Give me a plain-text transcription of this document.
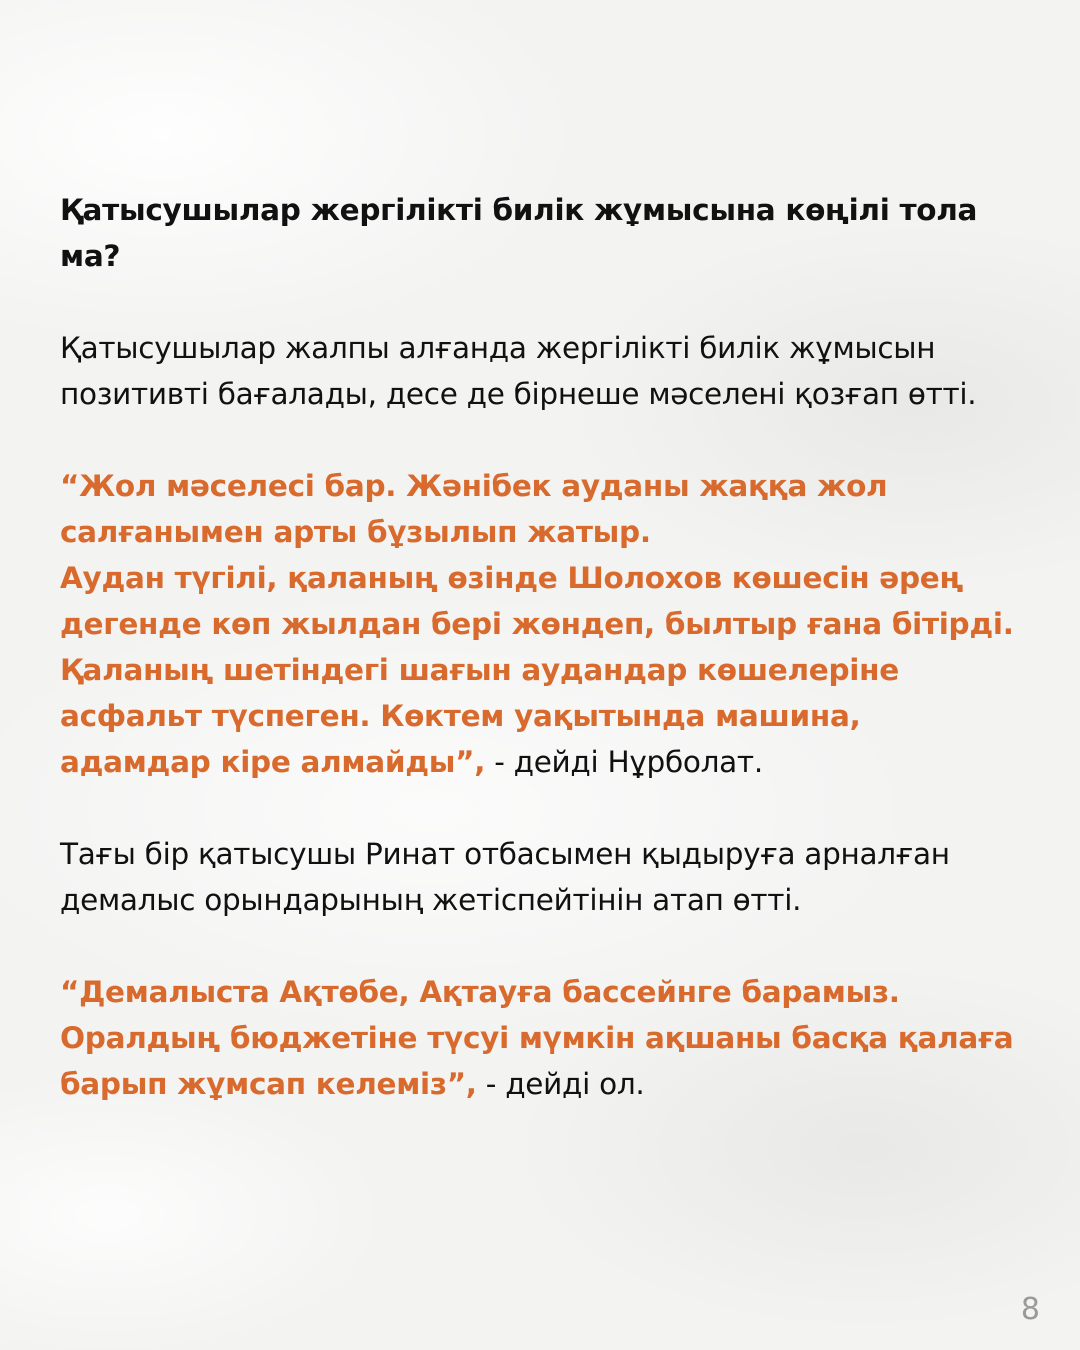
Қатысушылар жергілікті билік жұмысына көңілі тола ма?

Қатысушылар жалпы алғанда жергілікті билік жұмысын позитивті бағалады, десе де бірнеше мәселені қозғап өтті.

“Жол мәселесі бар. Жәнібек ауданы жаққа жол салғанымен арты бұзылып жатыр.
Аудан түгілі, қаланың өзінде Шолохов көшесін әрең дегенде көп жылдан бері жөндеп, былтыр ғана бітірді. Қаланың шетіндегі шағын аудандар көшелеріне асфальт түспеген. Көктем уақытында машина, адамдар кіре алмайды”, - дейді Нұрболат.

Тағы бір қатысушы Ринат отбасымен қыдыруға арналған демалыс орындарының жетіспейтінін атап өтті.

“Демалыста Ақтөбе, Ақтауға бассейнге барамыз. Оралдың бюджетіне түсуі мүмкін ақшаны басқа қалаға барып жұмсап келеміз”, - дейді ол.

8
